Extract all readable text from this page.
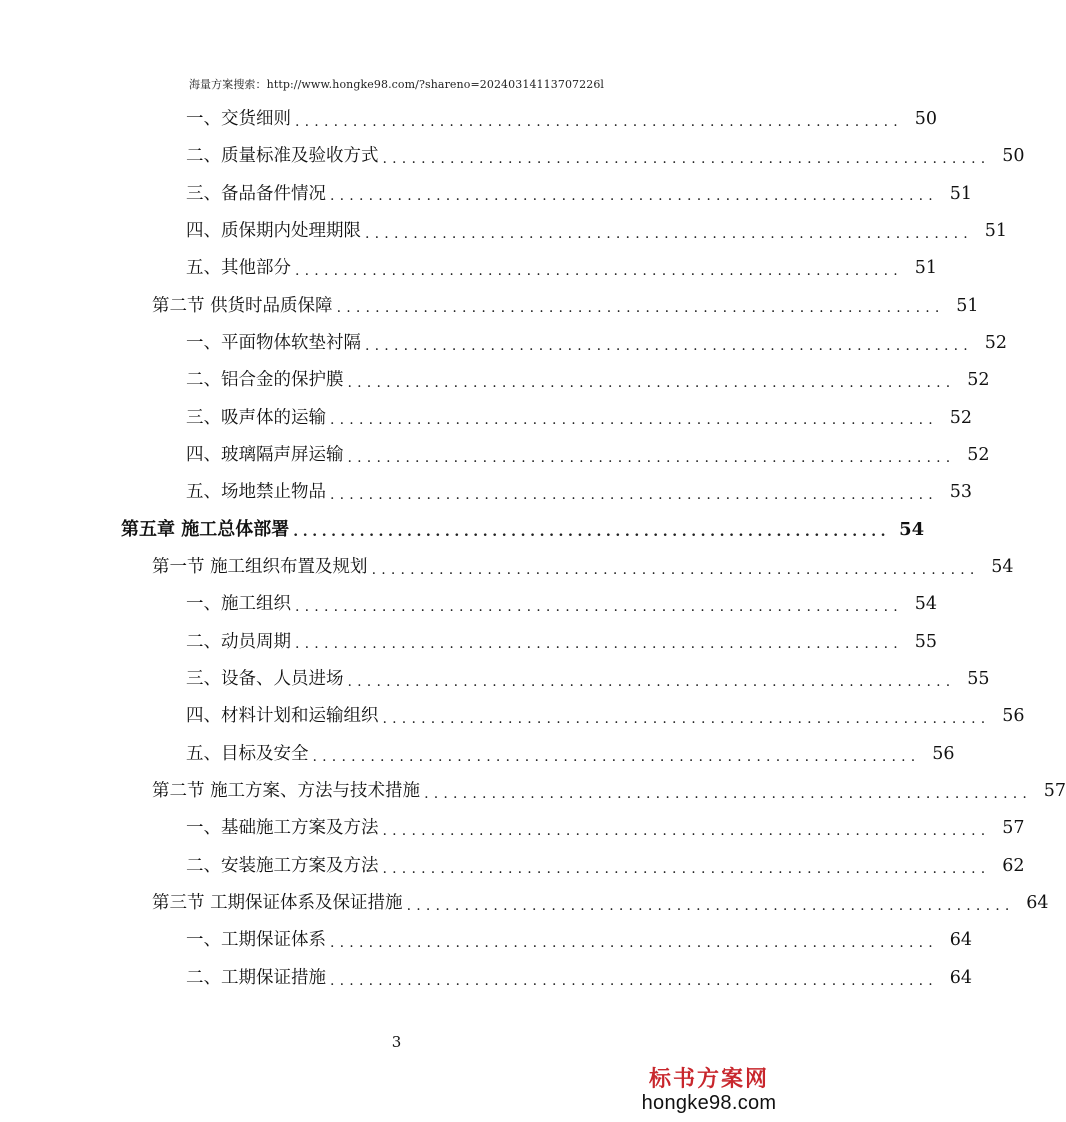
海量方案搜索：http://www.hongke98.com/?shareno=20240314113707226l
一、交货细则 ............................................................... 50
二、质量标准及验收方式 ............................................................... 50
三、备品备件情况 ............................................................... 51
四、质保期内处理期限 ............................................................... 51
五、其他部分 ............................................................... 51
第二节 供货时品质保障 ............................................................... 51
一、平面物体软垫衬隔 ............................................................... 52
二、铝合金的保护膜 ............................................................... 52
三、吸声体的运输 ............................................................... 52
四、玻璃隔声屏运输 ............................................................... 52
五、场地禁止物品 ............................................................... 53
第五章 施工总体部署 ............................................................... 54
第一节 施工组织布置及规划 ............................................................... 54
一、施工组织 ............................................................... 54
二、动员周期 ............................................................... 55
三、设备、人员进场 ............................................................... 55
四、材料计划和运输组织 ............................................................... 56
五、目标及安全 ............................................................... 56
第二节 施工方案、方法与技术措施 ............................................................... 57
一、基础施工方案及方法 ............................................................... 57
二、安装施工方案及方法 ............................................................... 62
第三节 工期保证体系及保证措施 ............................................................... 64
一、工期保证体系 ............................................................... 64
二、工期保证措施 ............................................................... 64
3
标书方案网
hongke98.com
